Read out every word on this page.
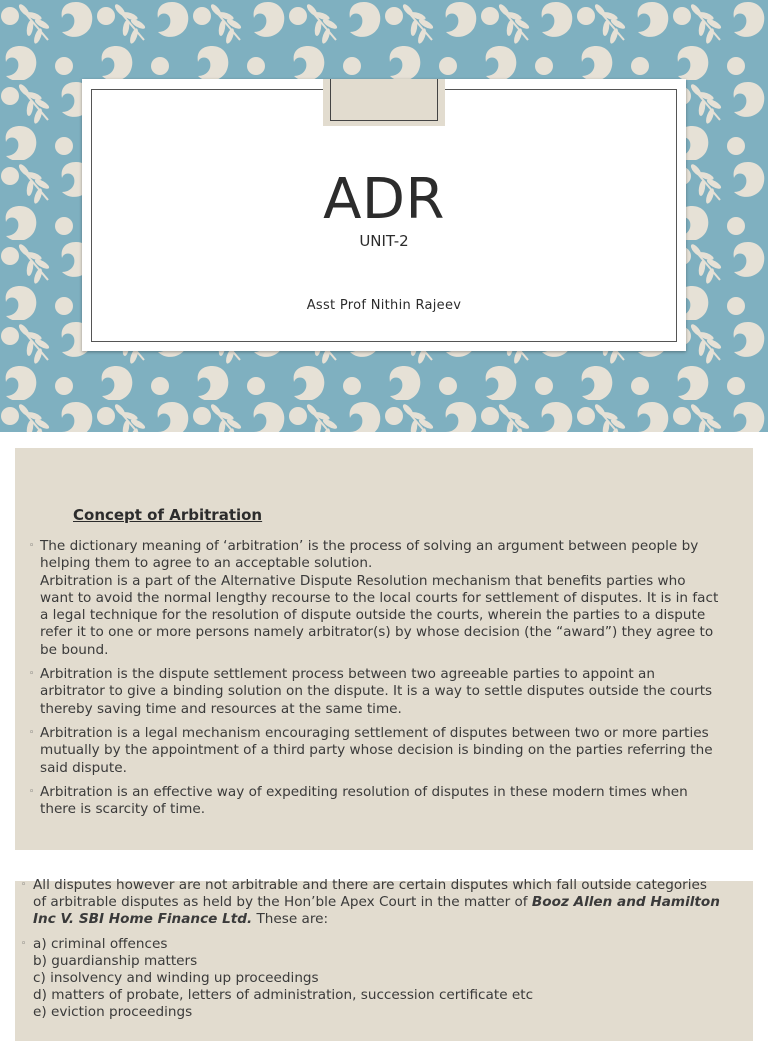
ADR
UNIT-2
Asst Prof Nithin Rajeev
Concept of Arbitration
◦ The dictionary meaning of ‘arbitration’ is the process of solving an argument between people by helping them to agree to an acceptable solution.
Arbitration is a part of the Alternative Dispute Resolution mechanism that benefits parties who want to avoid the normal lengthy recourse to the local courts for settlement of disputes. It is in fact a legal technique for the resolution of dispute outside the courts, wherein the parties to a dispute refer it to one or more persons namely arbitrator(s) by whose decision (the “award”) they agree to be bound.
◦ Arbitration is the dispute settlement process between two agreeable parties to appoint an arbitrator to give a binding solution on the dispute. It is a way to settle disputes outside the courts thereby saving time and resources at the same time.
◦ Arbitration is a legal mechanism encouraging settlement of disputes between two or more parties mutually by the appointment of a third party whose decision is binding on the parties referring the said dispute.
◦ Arbitration is an effective way of expediting resolution of disputes in these modern times when there is scarcity of time.
◦ All disputes however are not arbitrable and there are certain disputes which fall outside categories of arbitrable disputes as held by the Hon’ble Apex Court in the matter of Booz Allen and Hamilton Inc V. SBI Home Finance Ltd. These are:
◦ a) criminal offences
b) guardianship matters
c) insolvency and winding up proceedings
d) matters of probate, letters of administration, succession certificate etc
e) eviction proceedings
